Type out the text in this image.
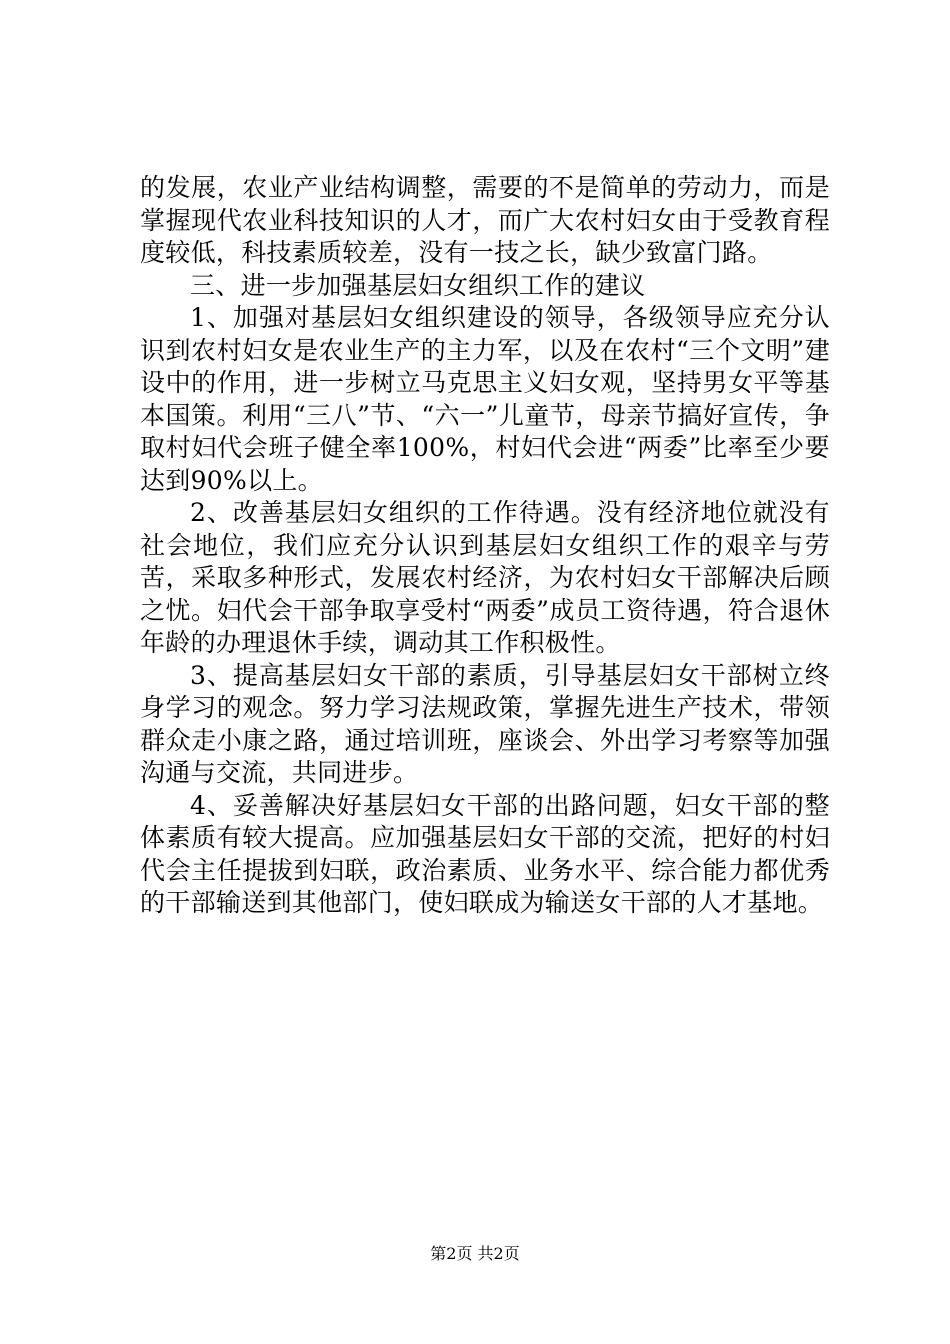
的发展，农业产业结构调整，需要的不是简单的劳动力，而是掌握现代农业科技知识的人才，而广大农村妇女由于受教育程度较低，科技素质较差，没有一技之长，缺少致富门路。

三、进一步加强基层妇女组织工作的建议

1、加强对基层妇女组织建设的领导，各级领导应充分认识到农村妇女是农业生产的主力军，以及在农村“三个文明”建设中的作用，进一步树立马克思主义妇女观，坚持男女平等基本国策。利用“三八”节、“六一”儿童节，母亲节搞好宣传，争取村妇代会班子健全率100%，村妇代会进“两委”比率至少要达到90%以上。

2、改善基层妇女组织的工作待遇。没有经济地位就没有社会地位，我们应充分认识到基层妇女组织工作的艰辛与劳苦，采取多种形式，发展农村经济，为农村妇女干部解决后顾之忧。妇代会干部争取享受村“两委”成员工资待遇，符合退休年龄的办理退休手续，调动其工作积极性。

3、提高基层妇女干部的素质，引导基层妇女干部树立终身学习的观念。努力学习法规政策，掌握先进生产技术，带领群众走小康之路，通过培训班，座谈会、外出学习考察等加强沟通与交流，共同进步。

4、妥善解决好基层妇女干部的出路问题，妇女干部的整体素质有较大提高。应加强基层妇女干部的交流，把好的村妇代会主任提拔到妇联，政治素质、业务水平、综合能力都优秀的干部输送到其他部门，使妇联成为输送女干部的人才基地。

第2页 共2页
